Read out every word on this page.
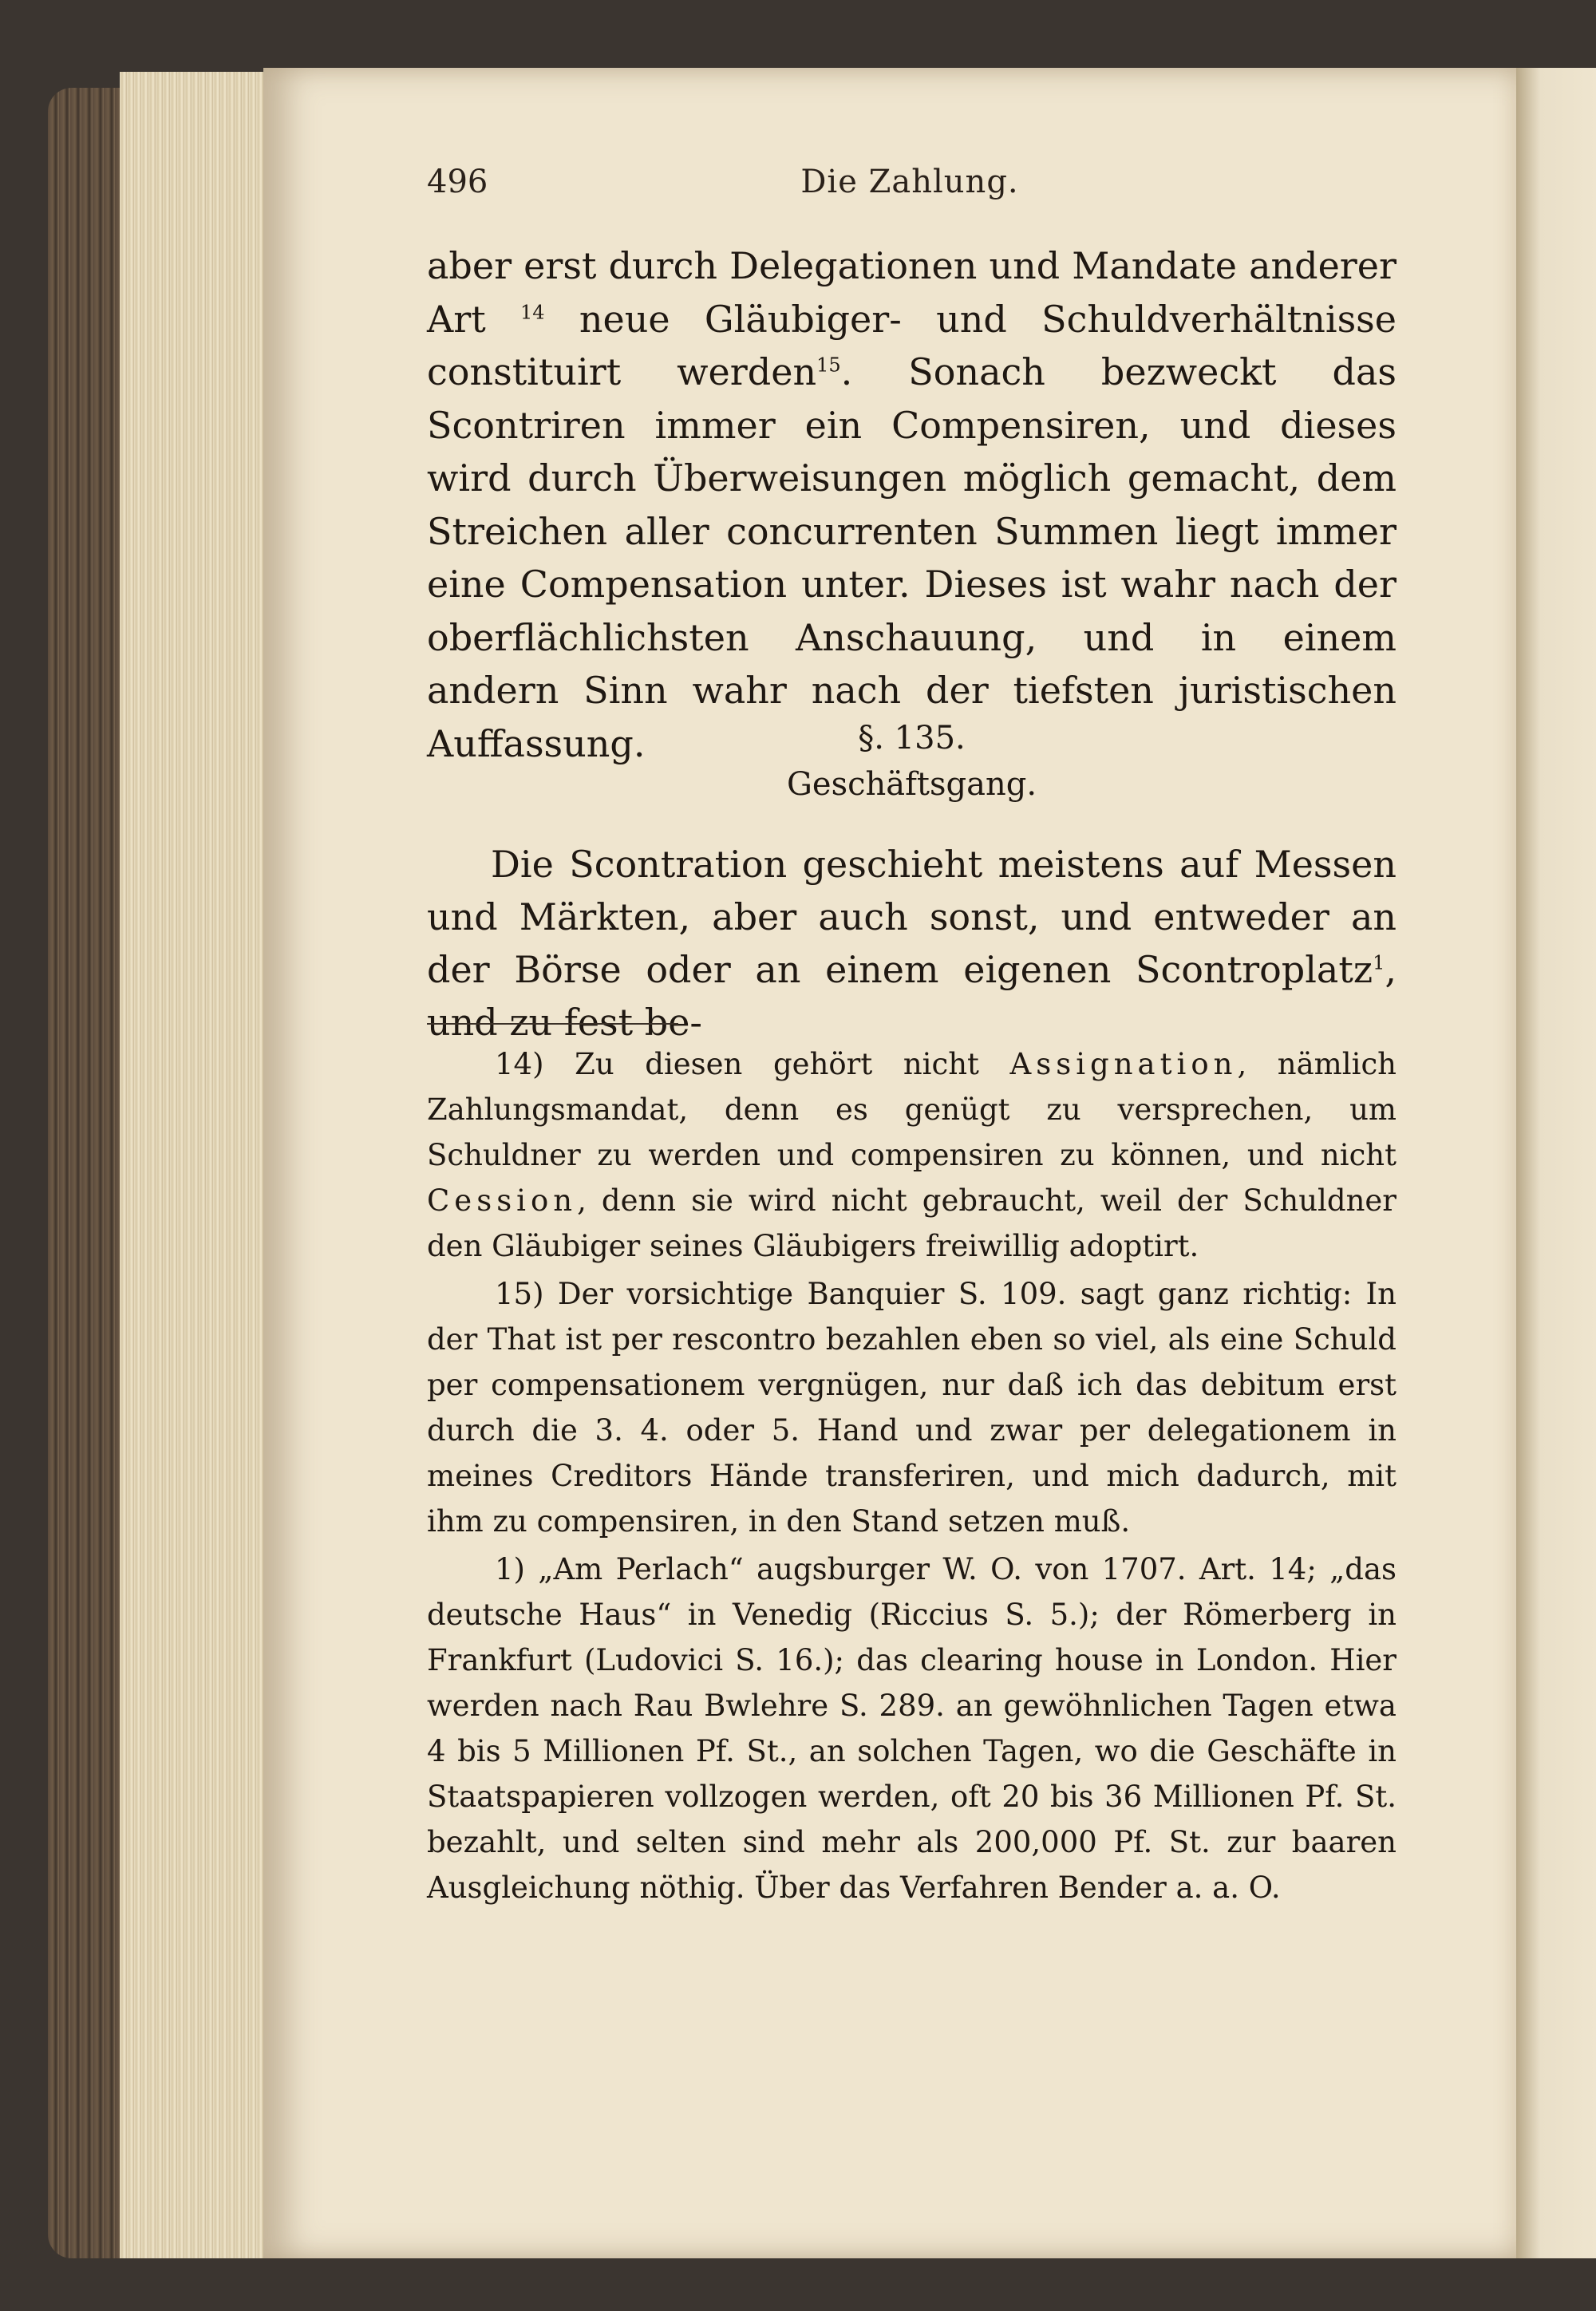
496	Die Zahlung.

aber erst durch Delegationen und Mandate anderer Art $^{14}$ neue Gläubiger- und Schuldverhältnisse constituirt werden$^{15}$. Sonach bezweckt das Scontriren immer ein Compensiren, und dieses wird durch Überweisungen möglich gemacht, dem Streichen aller concurrenten Summen liegt immer eine Compensation unter. Dieses ist wahr nach der oberflächlichsten Anschauung, und in einem andern Sinn wahr nach der tiefsten juristischen Auffassung.	§. 135.
Geschäftsgang.

Die Scontration geschieht meistens auf Messen und Märkten, aber auch sonst, und entweder an der Börse oder an einem eigenen Scontroplatz$^1$, und zu fest be-

14) Zu diesen gehört nicht Assignation, nämlich Zahlungsmandat, denn es genügt zu versprechen, um Schuldner zu werden und compensiren zu können, und nicht Cession, denn sie wird nicht gebraucht, weil der Schuldner den Gläubiger seines Gläubigers freiwillig adoptirt.

15) Der vorsichtige Banquier S. 109. sagt ganz richtig: In der That ist per rescontro bezahlen eben so viel, als eine Schuld per compensationem vergnügen, nur daß ich das debitum erst durch die 3. 4. oder 5. Hand und zwar per delegationem in meines Creditors Hände transferiren, und mich dadurch, mit ihm zu compensiren, in den Stand setzen muß.

1) „Am Perlach“ augsburger W. O. von 1707. Art. 14; „das deutsche Haus“ in Venedig (Riccius S. 5.); der Römerberg in Frankfurt (Ludovici S. 16.); das clearing house in London. Hier werden nach Rau Bwlehre S. 289. an gewöhnlichen Tagen etwa 4 bis 5 Millionen Pf. St., an solchen Tagen, wo die Geschäfte in Staatspapieren vollzogen werden, oft 20 bis 36 Millionen Pf. St. bezahlt, und selten sind mehr als 200,000 Pf. St. zur baaren Ausgleichung nöthig. Über das Verfahren Bender a. a. O.
